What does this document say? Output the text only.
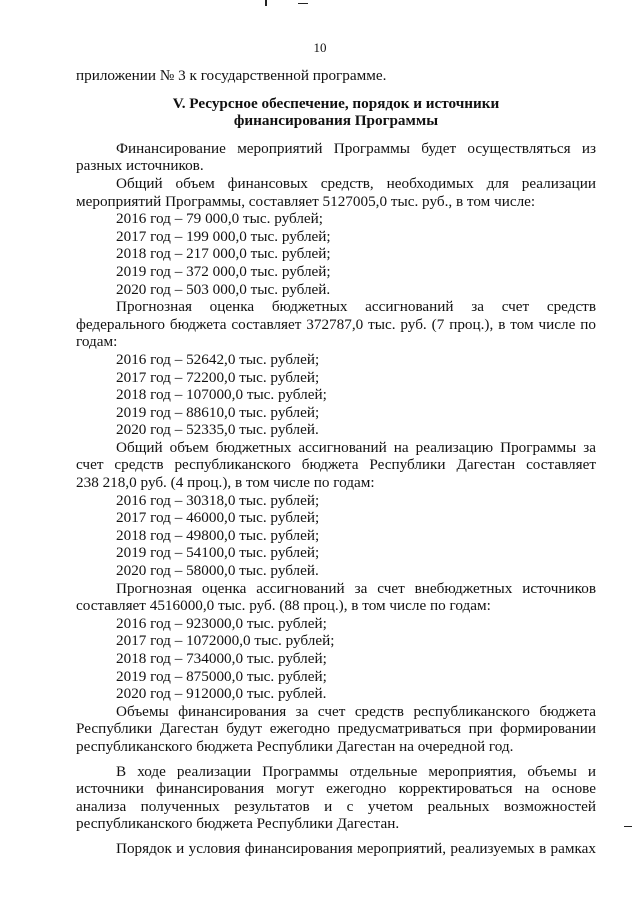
10

приложении № 3 к государственной программе.

V. Ресурсное обеспечение, порядок и источники

финансирования Программы

Финансирование мероприятий Программы будет осуществляться из

разных источников.

Общий объем финансовых средств, необходимых для реализации

мероприятий Программы, составляет 5127005,0 тыс. руб., в том числе:

2016 год – 79 000,0 тыс. рублей;

2017 год – 199 000,0 тыс. рублей;

2018 год – 217 000,0 тыс. рублей;

2019 год – 372 000,0 тыс. рублей;

2020 год – 503 000,0 тыс. рублей.

Прогнозная оценка бюджетных ассигнований за счет средств

федерального бюджета составляет 372787,0 тыс. руб. (7 проц.), в том числе по

годам:

2016 год – 52642,0 тыс. рублей;

2017 год – 72200,0 тыс. рублей;

2018 год – 107000,0 тыс. рублей;

2019 год – 88610,0 тыс. рублей;

2020 год – 52335,0 тыс. рублей.

Общий объем бюджетных ассигнований на реализацию Программы за

счет средств республиканского бюджета Республики Дагестан составляет

238 218,0 руб. (4 проц.), в том числе по годам:

2016 год – 30318,0 тыс. рублей;

2017 год – 46000,0 тыс. рублей;

2018 год – 49800,0 тыс. рублей;

2019 год – 54100,0 тыс. рублей;

2020 год – 58000,0 тыс. рублей.

Прогнозная оценка ассигнований за счет внебюджетных источников

составляет 4516000,0 тыс. руб. (88 проц.), в том числе по годам:

2016 год – 923000,0 тыс. рублей;

2017 год – 1072000,0 тыс. рублей;

2018 год – 734000,0 тыс. рублей;

2019 год – 875000,0 тыс. рублей;

2020 год – 912000,0 тыс. рублей.

Объемы финансирования за счет средств республиканского бюджета

Республики Дагестан будут ежегодно предусматриваться при формировании

республиканского бюджета Республики Дагестан на очередной год.

В ходе реализации Программы отдельные мероприятия, объемы и

источники финансирования могут ежегодно корректироваться на основе

анализа полученных результатов и с учетом реальных возможностей

республиканского бюджета Республики Дагестан.

Порядок и условия финансирования мероприятий, реализуемых в рамках
